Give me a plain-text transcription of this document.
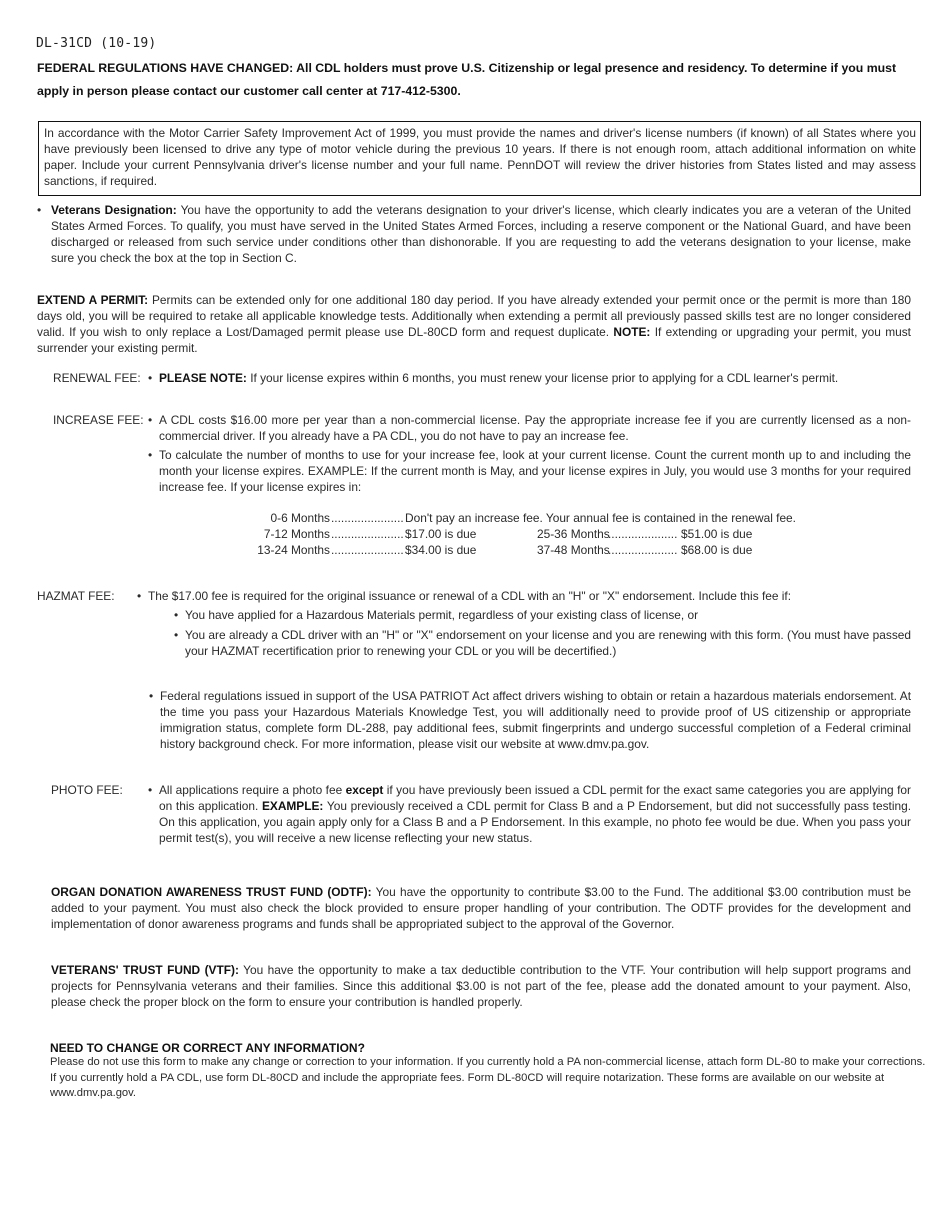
DL-31CD (10-19)
FEDERAL REGULATIONS HAVE CHANGED: All CDL holders must prove U.S. Citizenship or legal presence and residency. To determine if you must apply in person please contact our customer call center at 717-412-5300.
In accordance with the Motor Carrier Safety Improvement Act of 1999, you must provide the names and driver's license numbers (if known) of all States where you have previously been licensed to drive any type of motor vehicle during the previous 10 years. If there is not enough room, attach additional information on white paper. Include your current Pennsylvania driver's license number and your full name. PennDOT will review the driver histories from States listed and may assess sanctions, if required.
• Veterans Designation: You have the opportunity to add the veterans designation to your driver's license, which clearly indicates you are a veteran of the United States Armed Forces. To qualify, you must have served in the United States Armed Forces, including a reserve component or the National Guard, and have been discharged or released from such service under conditions other than dishonorable. If you are requesting to add the veterans designation to your license, make sure you check the box at the top in Section C.
EXTEND A PERMIT: Permits can be extended only for one additional 180 day period. If you have already extended your permit once or the permit is more than 180 days old, you will be required to retake all applicable knowledge tests. Additionally when extending a permit all previously passed skills test are no longer considered valid. If you wish to only replace a Lost/Damaged permit please use DL-80CD form and request duplicate. NOTE: If extending or upgrading your permit, you must surrender your existing permit.
RENEWAL FEE: • PLEASE NOTE: If your license expires within 6 months, you must renew your license prior to applying for a CDL learner's permit.
INCREASE FEE: • A CDL costs $16.00 more per year than a non-commercial license. Pay the appropriate increase fee if you are currently licensed as a non-commercial driver. If you already have a PA CDL, you do not have to pay an increase fee.
• To calculate the number of months to use for your increase fee, look at your current license. Count the current month up to and including the month your license expires. EXAMPLE: If the current month is May, and your license expires in July, you would use 3 months for your required increase fee. If your license expires in:
0-6 Months ...................... Don't pay an increase fee. Your annual fee is contained in the renewal fee.
7-12 Months ...................... $17.00 is due	25-36 Months
..................... $51.00 is due
13-24 Months ...................... $34.00 is due	37-48 Months
..................... $68.00 is due
HAZMAT FEE: • The $17.00 fee is required for the original issuance or renewal of a CDL with an "H" or "X" endorsement. Include this fee if:
• You have applied for a Hazardous Materials permit, regardless of your existing class of license, or
• You are already a CDL driver with an "H" or "X" endorsement on your license and you are renewing with this form. (You must have passed your HAZMAT recertification prior to renewing your CDL or you will be decertified.)
• Federal regulations issued in support of the USA PATRIOT Act affect drivers wishing to obtain or retain a hazardous materials endorsement. At the time you pass your Hazardous Materials Knowledge Test, you will additionally need to provide proof of US citizenship or appropriate immigration status, complete form DL-288, pay additional fees, submit fingerprints and undergo successful completion of a Federal criminal history background check. For more information, please visit our website at www.dmv.pa.gov.
PHOTO FEE: • All applications require a photo fee except if you have previously been issued a CDL permit for the exact same categories you are applying for on this application. EXAMPLE: You previously received a CDL permit for Class B and a P Endorsement, but did not successfully pass testing. On this application, you again apply only for a Class B and a P Endorsement. In this example, no photo fee would be due. When you pass your permit test(s), you will receive a new license reflecting your new status.
ORGAN DONATION AWARENESS TRUST FUND (ODTF): You have the opportunity to contribute $3.00 to the Fund. The additional $3.00 contribution must be added to your payment. You must also check the block provided to ensure proper handling of your contribution. The ODTF provides for the development and implementation of donor awareness programs and funds shall be appropriated subject to the approval of the Governor.
VETERANS' TRUST FUND (VTF): You have the opportunity to make a tax deductible contribution to the VTF. Your contribution will help support programs and projects for Pennsylvania veterans and their families. Since this additional $3.00 is not part of the fee, please add the donated amount to your payment. Also, please check the proper block on the form to ensure your contribution is handled properly.
NEED TO CHANGE OR CORRECT ANY INFORMATION?
Please do not use this form to make any change or correction to your information. If you currently hold a PA non-commercial license, attach form DL-80 to make your corrections.
If you currently hold a PA CDL, use form DL-80CD and include the appropriate fees. Form DL-80CD will require notarization. These forms are available on our website at
www.dmv.pa.gov.
